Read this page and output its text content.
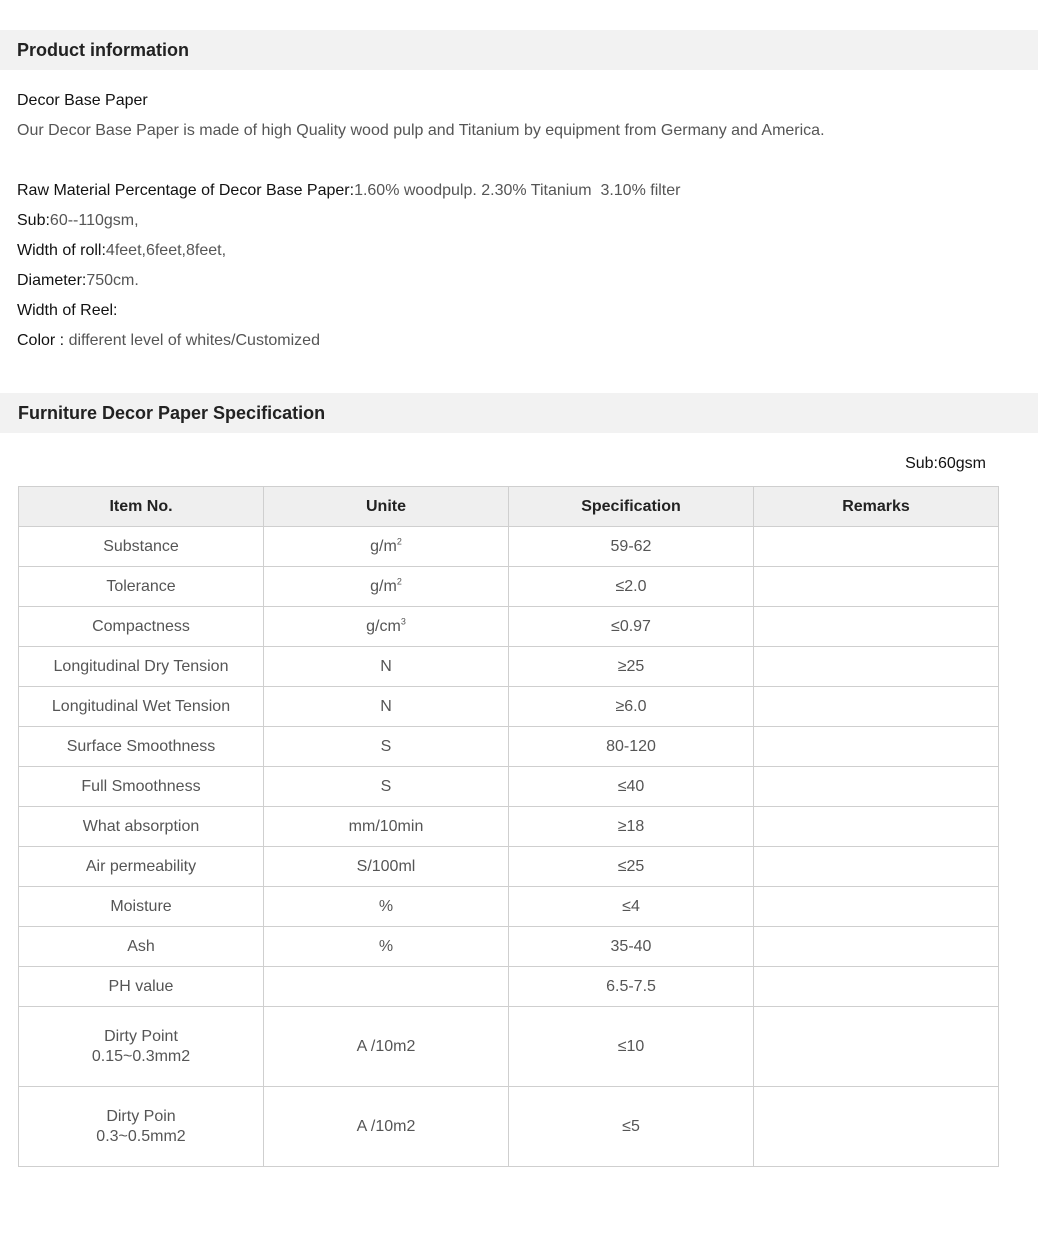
Product information
Decor Base Paper
Our Decor Base Paper is made of high Quality wood pulp and Titanium by equipment from Germany and America.
Raw Material Percentage of Decor Base Paper:1.60% woodpulp. 2.30% Titanium  3.10% filter
Sub:60--110gsm,
Width of roll:4feet,6feet,8feet,
Diameter:750cm.
Width of Reel:
Color : different level of whites/Customized
Furniture Decor Paper Specification
Sub:60gsm
Item No.	Unite	Specification	Remarks
Substance	$g/m^2$	59-62	
Tolerance	$g/m^2$	≤2.0	
Compactness	$g/cm^3$	≤0.97	
Longitudinal Dry Tension	N	≥25	
Longitudinal Wet Tension	N	≥6.0	
Surface Smoothness	S	80-120	
Full Smoothness	S	≤40	
What absorption	mm/10min	≥18	
Air permeability	S/100ml	≤25	
Moisture	%	≤4	
Ash	%	35-40	
PH value		6.5-7.5	
Dirty Point
0.15~0.3mm2	A /10m2	≤10	
Dirty Poin
0.3~0.5mm2	A /10m2	≤5	
